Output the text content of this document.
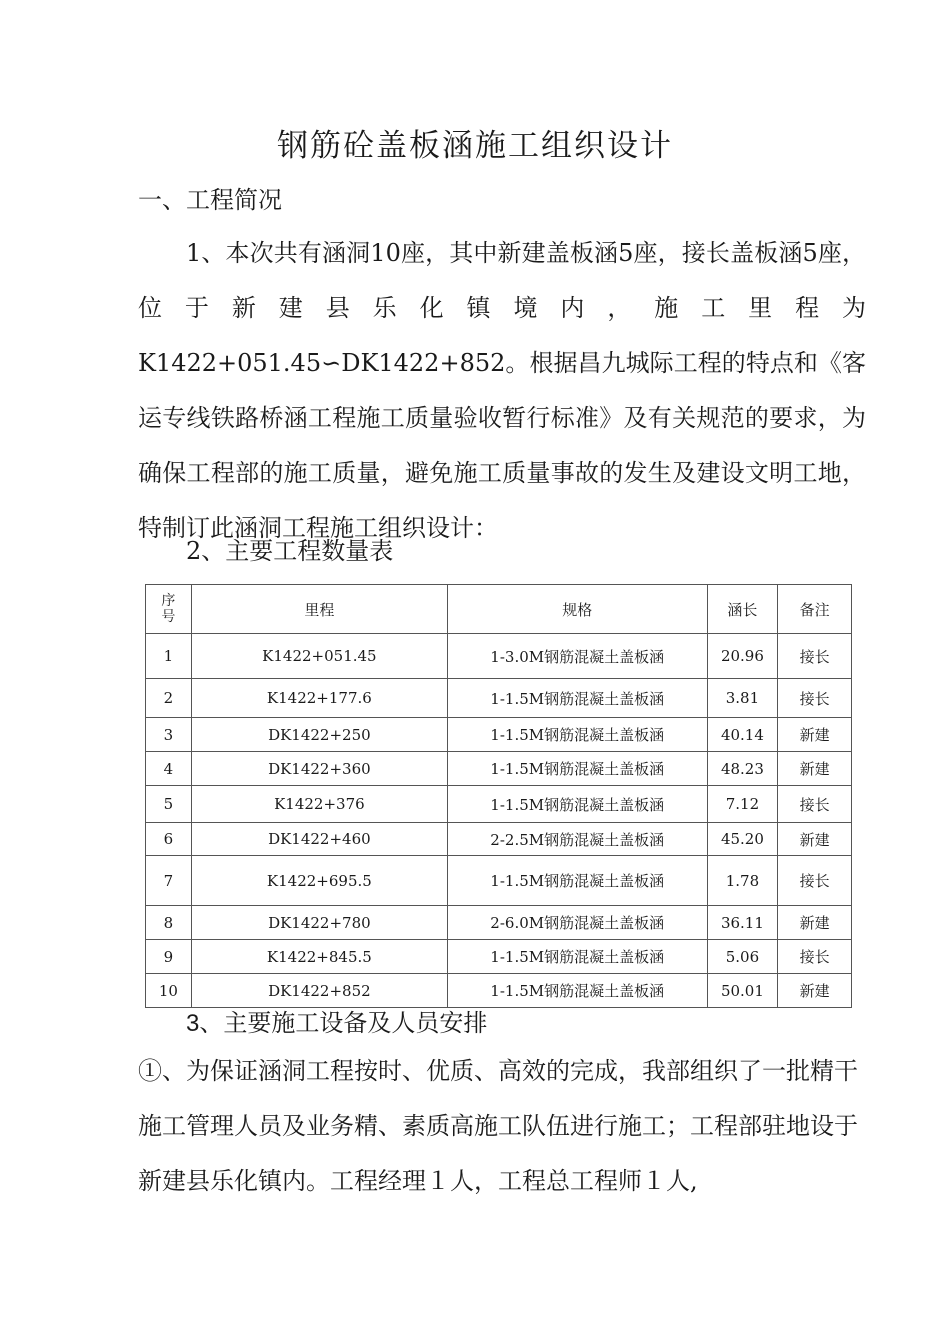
钢筋砼盖板涵施工组织设计
一、工程简况

1、本次共有涵洞10座，其中新建盖板涵5座，接长盖板涵5座，位于新建县乐化镇境内，施工里程为K1422+051.45∽DK1422+852。根据昌九城际工程的特点和《客运专线铁路桥涵工程施工质量验收暂行标准》及有关规范的要求，为确保工程部的施工质量，避免施工质量事故的发生及建设文明工地，特制订此涵洞工程施工组织设计：

2、主要工程数量表
序号	里程	规格	涵长	备注
1	K1422+051.45	1-3.0M钢筋混凝土盖板涵	20.96	接长
2	K1422+177.6	1-1.5M钢筋混凝土盖板涵	3.81	接长
3	DK1422+250	1-1.5M钢筋混凝土盖板涵	40.14	新建
4	DK1422+360	1-1.5M钢筋混凝土盖板涵	48.23	新建
5	K1422+376	1-1.5M钢筋混凝土盖板涵	7.12	接长
6	DK1422+460	2-2.5M钢筋混凝土盖板涵	45.20	新建
7	K1422+695.5	1-1.5M钢筋混凝土盖板涵	1.78	接长
8	DK1422+780	2-6.0M钢筋混凝土盖板涵	36.11	新建
9	K1422+845.5	1-1.5M钢筋混凝土盖板涵	5.06	接长
10	DK1422+852	1-1.5M钢筋混凝土盖板涵	50.01	新建
3、主要施工设备及人员安排

①、为保证涵洞工程按时、优质、高效的完成，我部组织了一批精干施工管理人员及业务精、素质高施工队伍进行施工；工程部驻地设于新建县乐化镇内。工程经理１人，工程总工程师１人,
